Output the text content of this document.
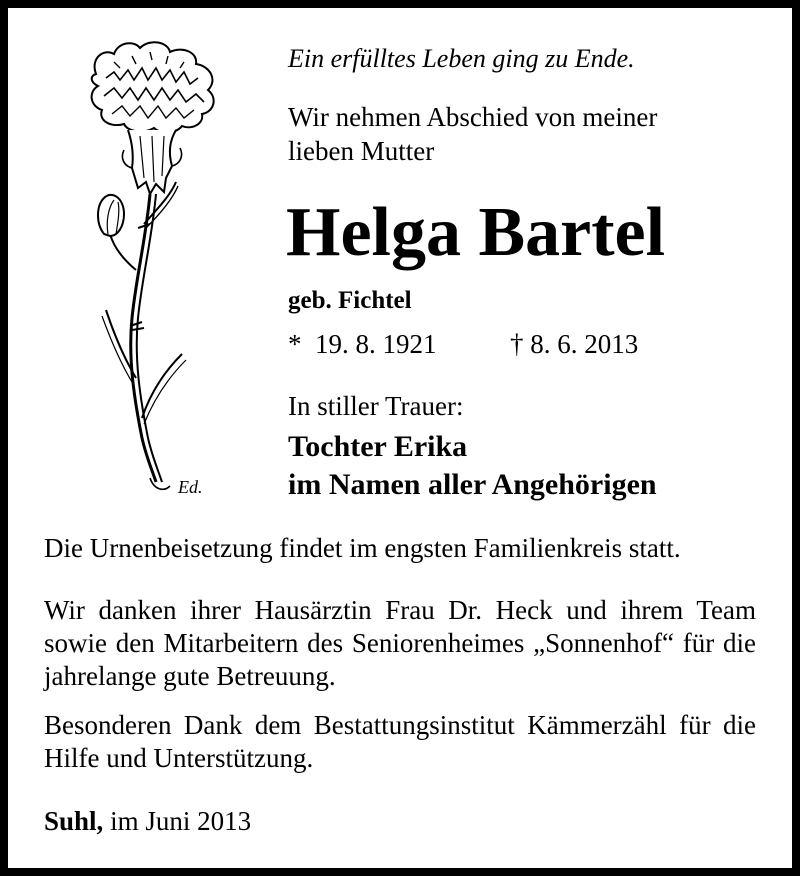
Ed.
Ein erfülltes Leben ging zu Ende.
Wir nehmen Abschied von meiner
lieben Mutter
Helga Bartel
geb. Fichtel
*  19. 8. 1921	† 8. 6. 2013
In stiller Trauer:
Tochter Erika
im Namen aller Angehörigen
Die Urnenbeisetzung findet im engsten Familienkreis statt.
Wir danken ihrer Hausärztin Frau Dr. Heck und ihrem Team sowie den Mitarbeitern des Seniorenheimes „Sonnenhof“ für die jahrelange gute Betreuung.
Besonderen Dank dem Bestattungsinstitut Kämmerzähl für die Hilfe und Unterstützung.
Suhl, im Juni 2013
